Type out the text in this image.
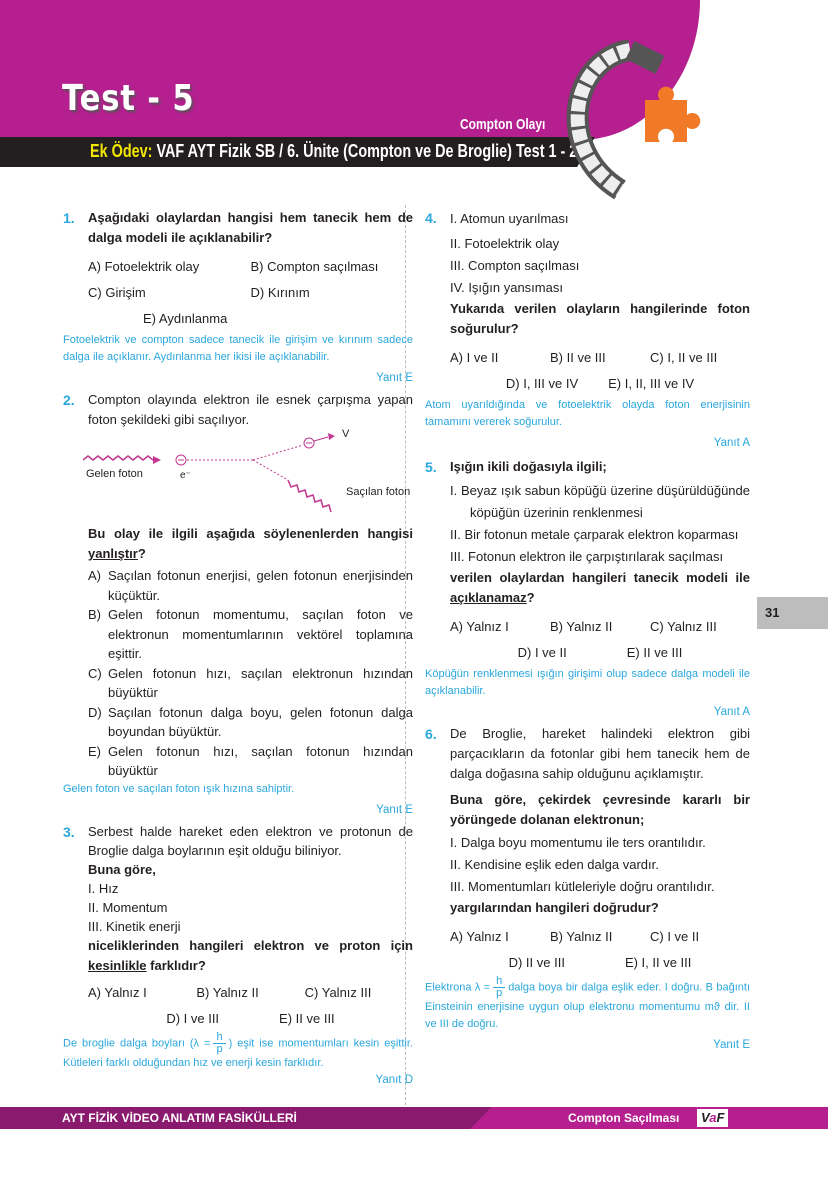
Test - 5
Compton Olayı
Ek Ödev: VAF AYT Fizik SB / 6. Ünite (Compton ve De Broglie) Test 1 - 2
31
1. Aşağıdaki olaylardan hangisi hem tanecik hem de dalga modeli ile açıklanabilir?
A) Fotoelektrik olay	B) Compton saçılması
C) Girişim	D) Kırınım
E) Aydınlanma
Fotoelektrik ve compton sadece tanecik ile girişim ve kırınım sadece dalga ile açıklanır. Aydınlanma her ikisi ile açıklanabilir.
Yanıt E
2. Compton olayında elektron ile esnek çarpışma yapan foton şekildeki gibi saçılıyor.
Gelen foton	e⁻
V
Saçılan foton
Bu olay ile ilgili aşağıda söylenenlerden hangisi yanlıştır?
A) Saçılan fotonun enerjisi, gelen fotonun enerjisinden küçüktür.
B) Gelen fotonun momentumu, saçılan foton ve elektronun momentumlarının vektörel toplamına eşittir.
C) Gelen fotonun hızı, saçılan elektronun hızından büyüktür
D) Saçılan fotonun dalga boyu, gelen fotonun dalga boyundan büyüktür.
E) Gelen fotonun hızı, saçılan fotonun hızından büyüktür
Gelen foton ve saçılan foton ışık hızına sahiptir.
Yanıt E
3. Serbest halde hareket eden elektron ve protonun de Broglie dalga boylarının eşit olduğu biliniyor.
Buna göre,
I. Hız
II. Momentum
III. Kinetik enerji
niceliklerinden hangileri elektron ve proton için kesinlikle farklıdır?
A) Yalnız I	B) Yalnız II	C) Yalnız III
D) I ve III	E) II ve III
De broglie dalga boyları ($\lambda = \frac{h}{p}$ ) eşit ise momentumları kesin eşittir. Kütleleri farklı olduğundan hız ve enerji kesin farklıdır.
Yanıt D
4. I. Atomun uyarılması
II. Fotoelektrik olay
III. Compton saçılması
IV. Işığın yansıması
Yukarıda verilen olayların hangilerinde foton soğurulur?
A) I ve II	B) II ve III	C) I, II ve III
D) I, III ve IV E) I, II, III ve IV
Atom uyarıldığında ve fotoelektrik olayda foton enerjisinin tamamını vererek soğurulur.
Yanıt A
5. Işığın ikili doğasıyla ilgili;
I. Beyaz ışık sabun köpüğü üzerine düşürüldüğünde köpüğün üzerinin renklenmesi
II. Bir fotonun metale çarparak elektron koparması
III. Fotonun elektron ile çarpıştırılarak saçılması
verilen olaylardan hangileri tanecik modeli ile açıklanamaz?
A) Yalnız I	B) Yalnız II	C) Yalnız III
D) I ve II	E) II ve III
Köpüğün renklenmesi ışığın girişimi olup sadece dalga modeli ile açıklanabilir.
Yanıt A
6. De Broglie, hareket halindeki elektron gibi parçacıkların da fotonlar gibi hem tanecik hem de dalga doğasına sahip olduğunu açıklamıştır.
Buna göre, çekirdek çevresinde kararlı bir yörüngede dolanan elektronun;
I. Dalga boyu momentumu ile ters orantılıdır.
II. Kendisine eşlik eden dalga vardır.
III. Momentumları kütleleriyle doğru orantılıdır.
yargılarından hangileri doğrudur?
A) Yalnız I	B) Yalnız II	C) I ve II
D) II ve III	E) I, II ve III
Elektrona $\lambda = \frac{h}{p}$ dalga boya bir dalga eşlik eder. I doğru. B bağıntı Einsteinin enerjisine uygun olup elektronu momentumu mϑ dir. II ve III de doğru.
Yanıt E
AYT FİZİK VİDEO ANLATIM FASİKÜLLERİ	Compton Saçılması	VaF
